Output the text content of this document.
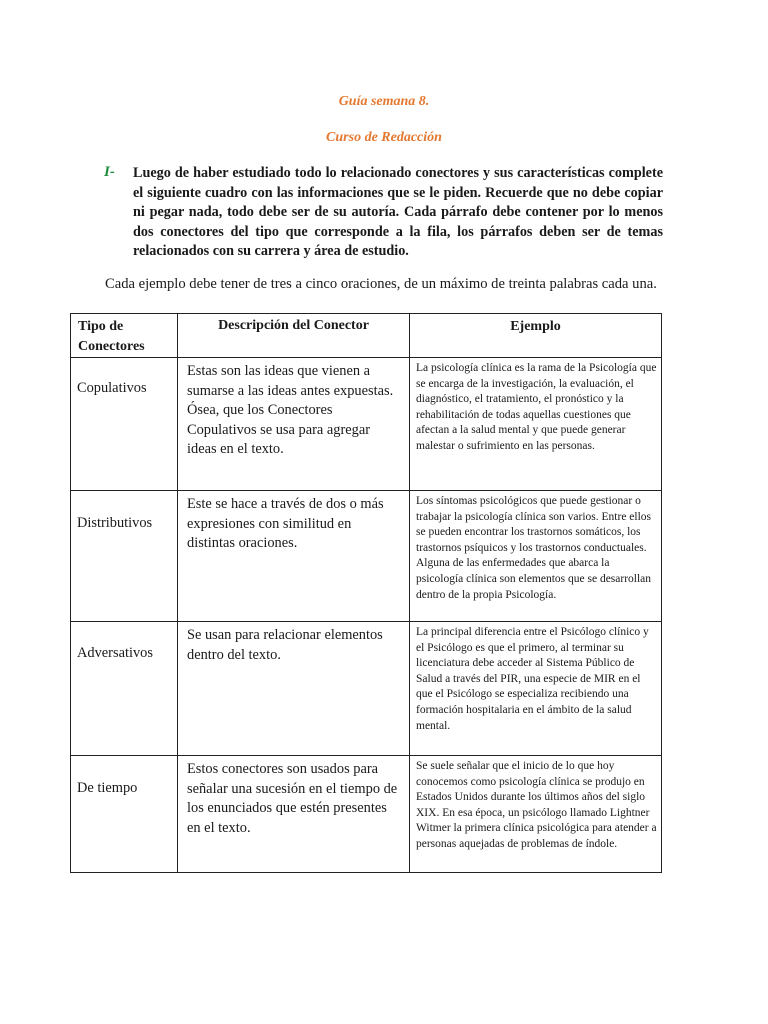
Guía semana 8.
Curso de Redacción
I- Luego de haber estudiado todo lo relacionado conectores y sus características complete el siguiente cuadro con las informaciones que se le piden. Recuerde que no debe copiar ni pegar nada, todo debe ser de su autoría. Cada párrafo debe contener por lo menos dos conectores del tipo que corresponde a la fila, los párrafos deben ser de temas relacionados con su carrera y área de estudio.
Cada ejemplo debe tener de tres a cinco oraciones, de un máximo de treinta palabras cada una.
Tipo de Conectores	Descripción del Conector	Ejemplo
Copulativos	Estas son las ideas que vienen a sumarse a las ideas antes expuestas. Ósea, que los Conectores Copulativos se usa para agregar ideas en el texto.	La psicología clínica es la rama de la Psicología que se encarga de la investigación, la evaluación, el diagnóstico, el tratamiento, el pronóstico y la rehabilitación de todas aquellas cuestiones que afectan a la salud mental y que puede generar malestar o sufrimiento en las personas.
Distributivos	Este se hace a través de dos o más expresiones con similitud en distintas oraciones.	Los síntomas psicológicos que puede gestionar o trabajar la psicología clínica son varios. Entre ellos se pueden encontrar los trastornos somáticos, los trastornos psíquicos y los trastornos conductuales. Alguna de las enfermedades que abarca la psicología clínica son elementos que se desarrollan dentro de la propia Psicología.
Adversativos	Se usan para relacionar elementos dentro del texto.	La principal diferencia entre el Psicólogo clínico y el Psicólogo es que el primero, al terminar su licenciatura debe acceder al Sistema Público de Salud a través del PIR, una especie de MIR en el que el Psicólogo se especializa recibiendo una formación hospitalaria en el ámbito de la salud mental.
De tiempo	Estos conectores son usados para señalar una sucesión en el tiempo de los enunciados que estén presentes en el texto.	Se suele señalar que el inicio de lo que hoy conocemos como psicología clínica se produjo en Estados Unidos durante los últimos años del siglo XIX. En esa época, un psicólogo llamado Lightner Witmer la primera clínica psicológica para atender a personas aquejadas de problemas de índole.
